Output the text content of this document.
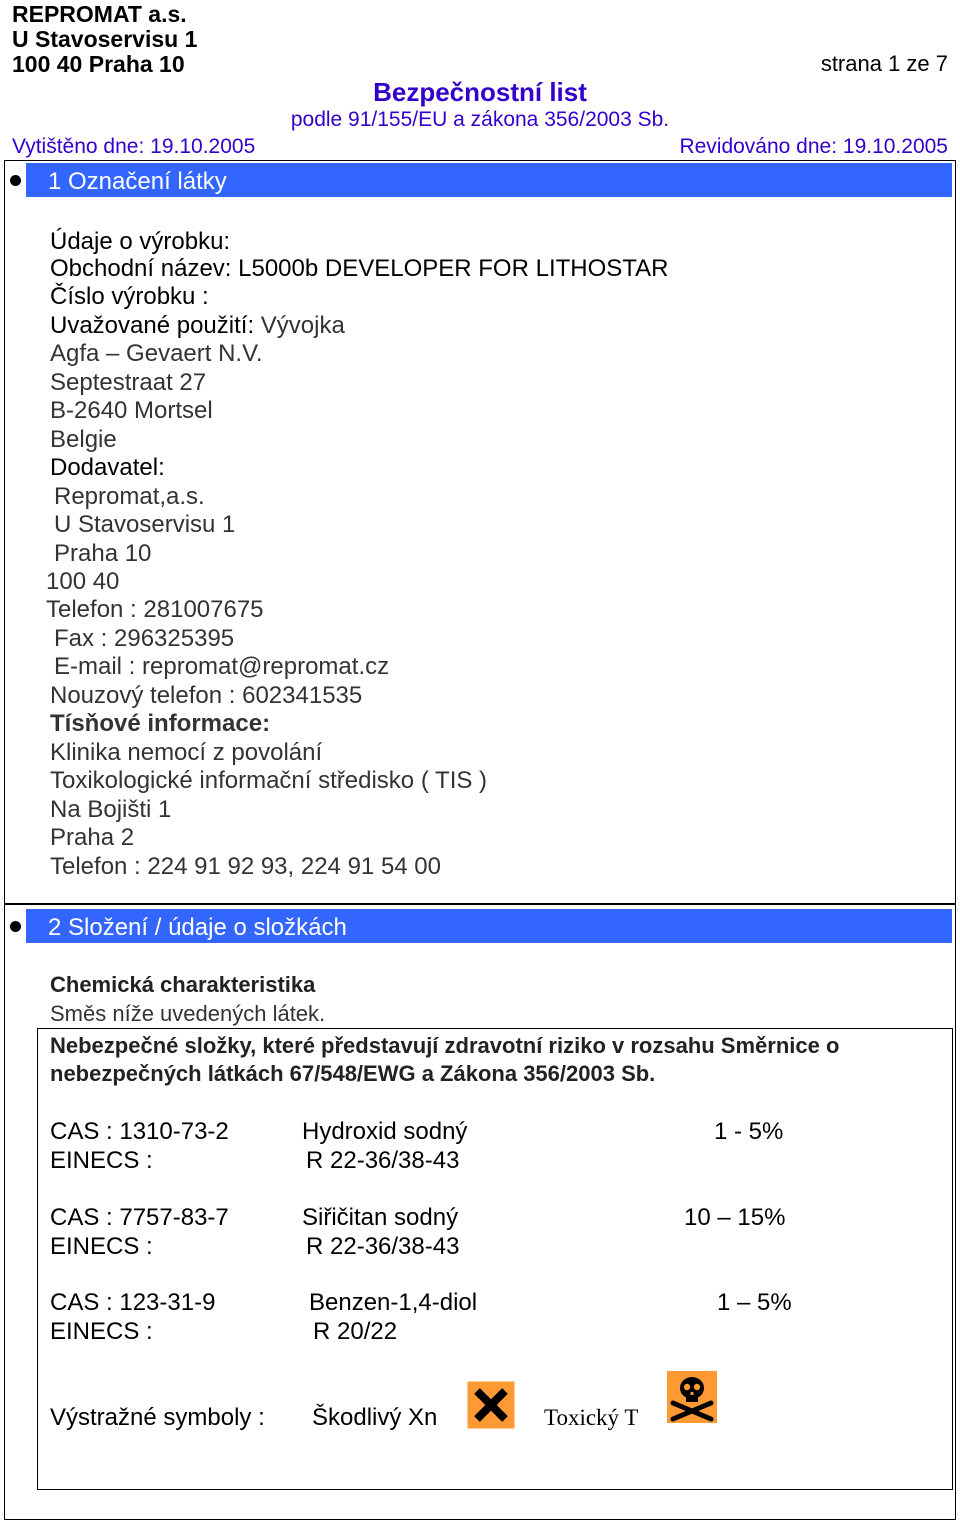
REPROMAT a.s.
U Stavoservisu 1
100 40 Praha 10	strana 1 ze 7
Bezpečnostní list
podle 91/155/EU a zákona 356/2003 Sb.
Vytištěno dne: 19.10.2005	Revidováno dne: 19.10.2005
1 Označení látky
Údaje o výrobku:
Obchodní název: L5000b DEVELOPER FOR LITHOSTAR
Číslo výrobku :
Uvažované použití: Vývojka
Agfa – Gevaert N.V.
Septestraat 27
B-2640 Mortsel
Belgie
Dodavatel:
Repromat,a.s.
U Stavoservisu 1
Praha 10
100 40
Telefon : 281007675
Fax : 296325395
E-mail : repromat@repromat.cz
Nouzový telefon : 602341535
Tísňové informace:
Klinika nemocí z povolání
Toxikologické informační středisko ( TIS )
Na Bojišti 1
Praha 2
Telefon : 224 91 92 93, 224 91 54 00
2 Složení / údaje o složkách
Chemická charakteristika
Směs níže uvedených látek.
Nebezpečné složky, které představují zdravotní riziko v rozsahu Směrnice o
nebezpečných látkách 67/548/EWG a Zákona 356/2003 Sb.
CAS : 1310-73-2	Hydroxid sodný	1 - 5%
EINECS :	R 22-36/38-43
CAS : 7757-83-7	Siřičitan sodný	10 – 15%
EINECS :	R 22-36/38-43
CAS : 123-31-9	Benzen-1,4-diol	1 – 5%
EINECS :	R 20/22
Výstražné symboly : Škodlivý Xn	Toxický T
